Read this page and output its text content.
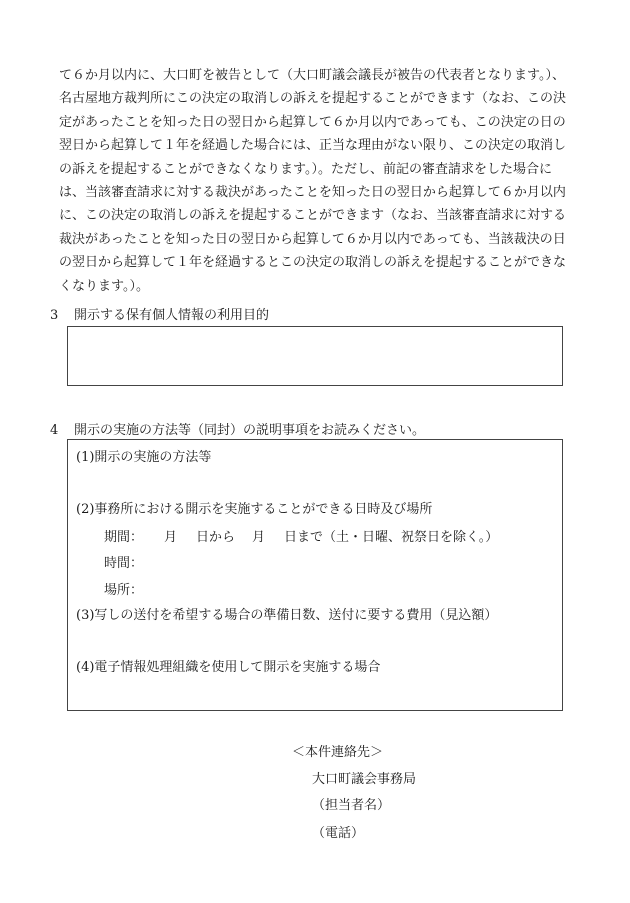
て６か月以内に、大口町を被告として（大口町議会議長が被告の代表者となります。）、
名古屋地方裁判所にこの決定の取消しの訴えを提起することができます（なお、この決
定があったことを知った日の翌日から起算して６か月以内であっても、この決定の日の
翌日から起算して１年を経過した場合には、正当な理由がない限り、この決定の取消し
の訴えを提起することができなくなります。）。ただし、前記の審査請求をした場合に
は、当該審査請求に対する裁決があったことを知った日の翌日から起算して６か月以内
に、この決定の取消しの訴えを提起することができます（なお、当該審査請求に対する
裁決があったことを知った日の翌日から起算して６か月以内であっても、当該裁決の日
の翌日から起算して１年を経過するとこの決定の取消しの訴えを提起することができな
くなります。）。
3 開示する保有個人情報の利用目的
4 開示の実施の方法等（同封）の説明事項をお読みください。
(1)開示の実施の方法等
(2)事務所における開示を実施することができる日時及び場所
期間： 月 日から 月 日まで（土・日曜、祝祭日を除く。）
時間：
場所：
(3)写しの送付を希望する場合の準備日数、送付に要する費用（見込額）
(4)電子情報処理組織を使用して開示を実施する場合
＜本件連絡先＞
大口町議会事務局
（担当者名）
（電話）
